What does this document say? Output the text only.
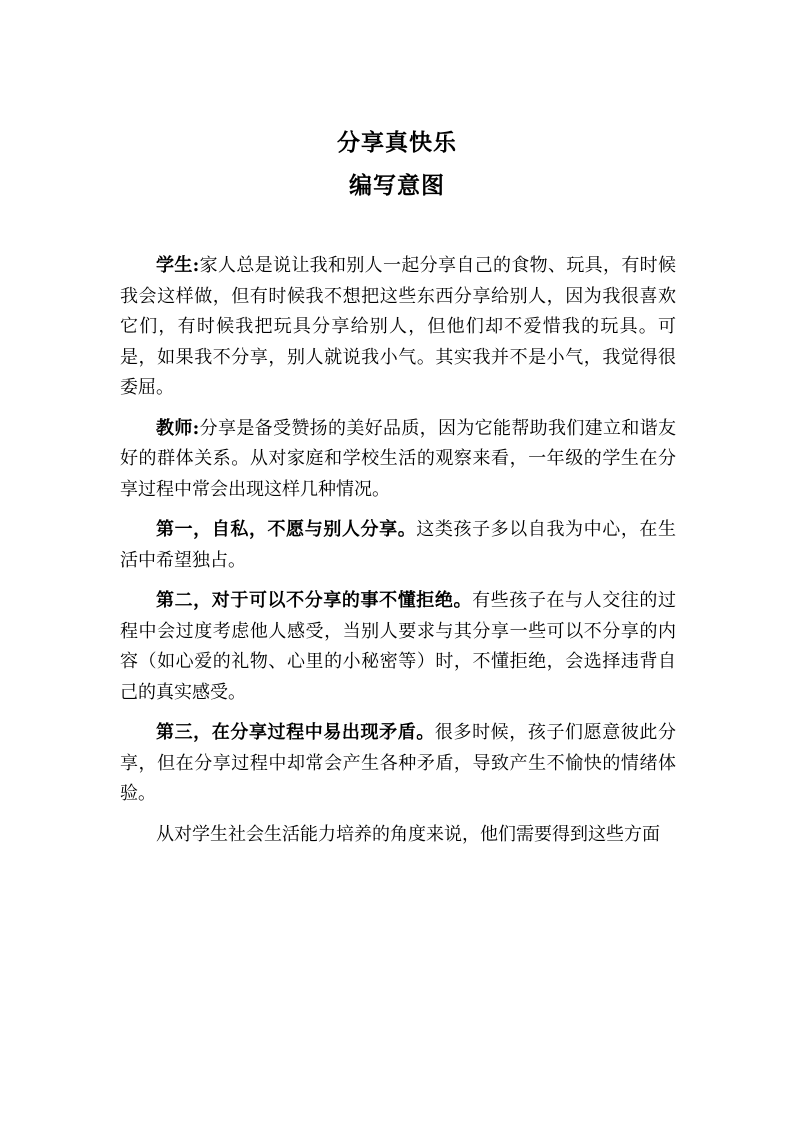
分享真快乐
编写意图

学生:家人总是说让我和别人一起分享自己的食物、玩具，有时候我会这样做，但有时候我不想把这些东西分享给别人，因为我很喜欢它们，有时候我把玩具分享给别人，但他们却不爱惜我的玩具。可是，如果我不分享，别人就说我小气。其实我并不是小气，我觉得很委屈。

教师:分享是备受赞扬的美好品质，因为它能帮助我们建立和谐友好的群体关系。从对家庭和学校生活的观察来看，一年级的学生在分享过程中常会出现这样几种情况。

第一，自私，不愿与别人分享。这类孩子多以自我为中心，在生活中希望独占。

第二，对于可以不分享的事不懂拒绝。有些孩子在与人交往的过程中会过度考虑他人感受，当别人要求与其分享一些可以不分享的内容（如心爱的礼物、心里的小秘密等）时，不懂拒绝，会选择违背自己的真实感受。

第三，在分享过程中易出现矛盾。很多时候，孩子们愿意彼此分享，但在分享过程中却常会产生各种矛盾，导致产生不愉快的情绪体验。

从对学生社会生活能力培养的角度来说，他们需要得到这些方面
